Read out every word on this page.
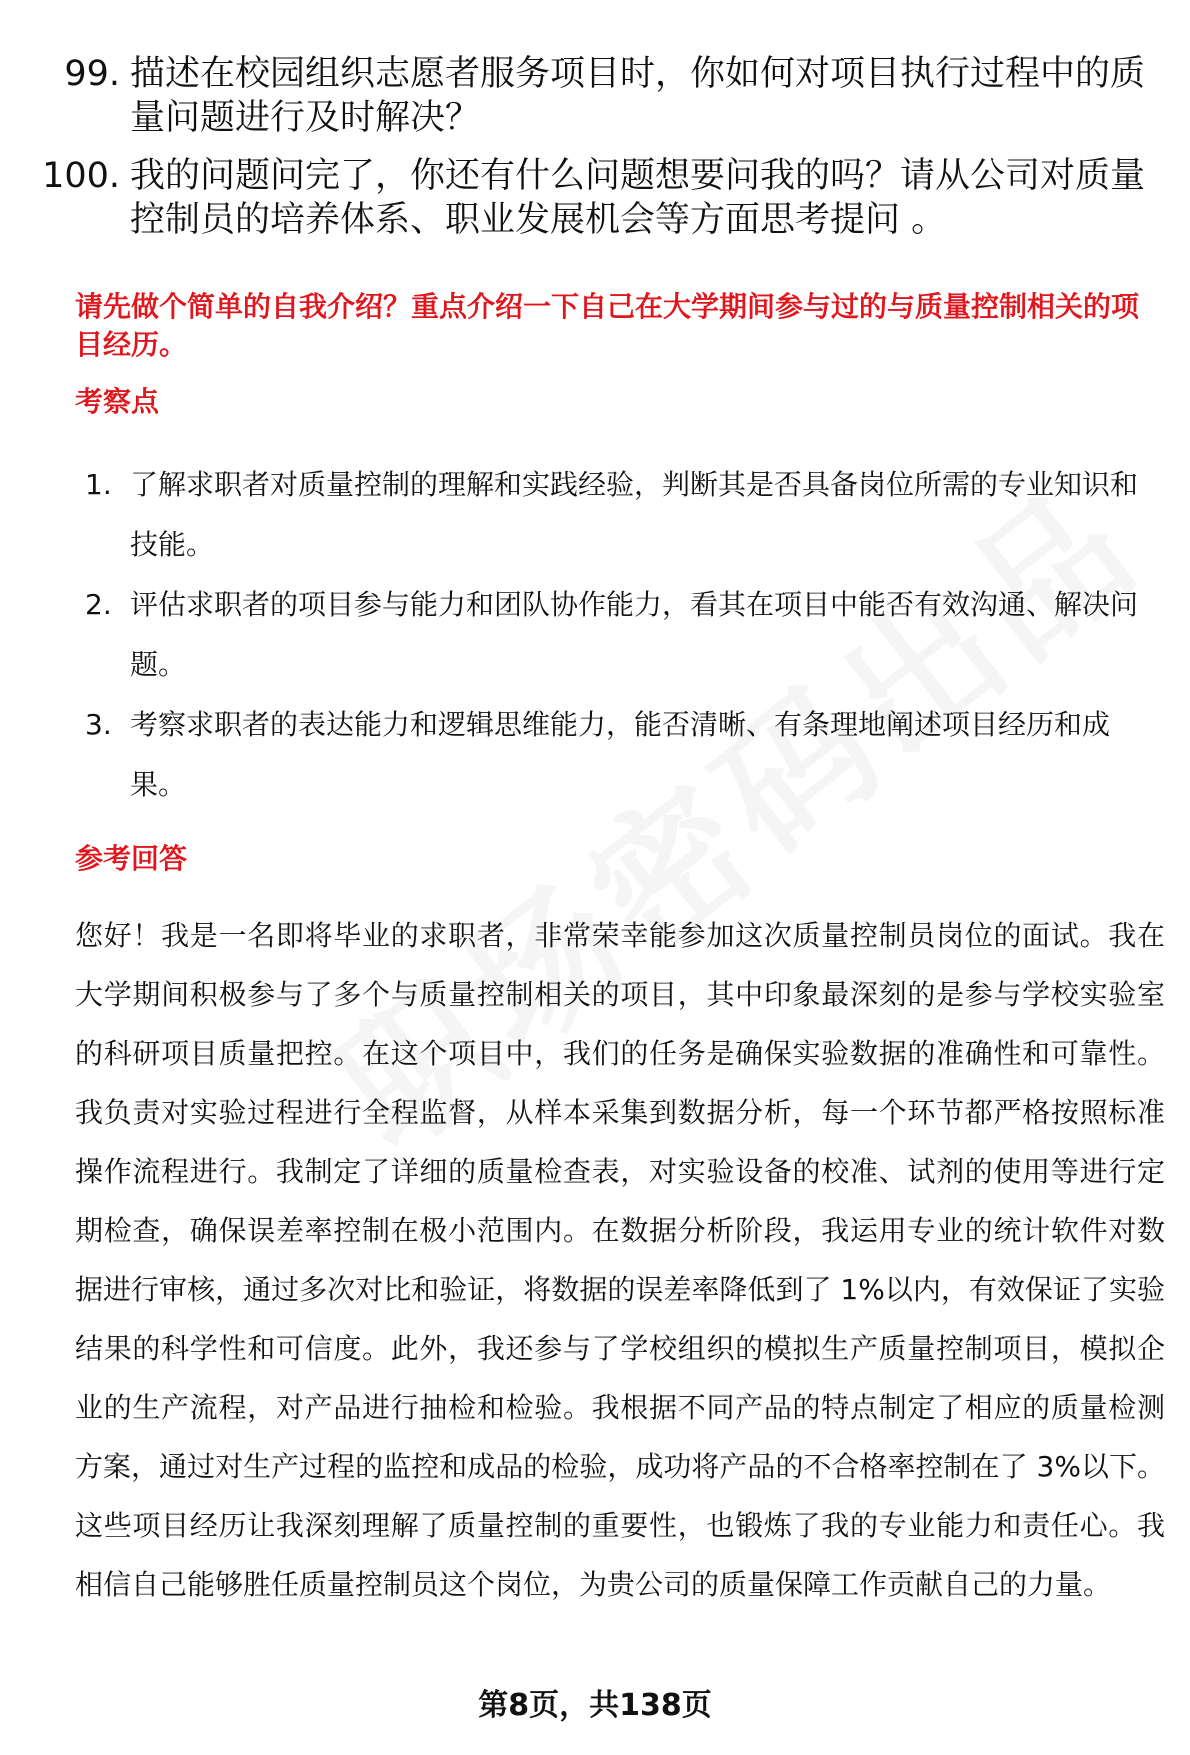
99. 描述在校园组织志愿者服务项目时，你如何对项目执行过程中的质量问题进行及时解决？
100. 我的问题问完了，你还有什么问题想要问我的吗？请从公司对质量控制员的培养体系、职业发展机会等方面思考提问 。
请先做个简单的自我介绍？重点介绍一下自己在大学期间参与过的与质量控制相关的项目经历。
考察点
1. 了解求职者对质量控制的理解和实践经验，判断其是否具备岗位所需的专业知识和技能。
2. 评估求职者的项目参与能力和团队协作能力，看其在项目中能否有效沟通、解决问题。
3. 考察求职者的表达能力和逻辑思维能力，能否清晰、有条理地阐述项目经历和成果。
参考回答
您好！我是一名即将毕业的求职者，非常荣幸能参加这次质量控制员岗位的面试。我在大学期间积极参与了多个与质量控制相关的项目，其中印象最深刻的是参与学校实验室的科研项目质量把控。在这个项目中，我们的任务是确保实验数据的准确性和可靠性。我负责对实验过程进行全程监督，从样本采集到数据分析，每一个环节都严格按照标准操作流程进行。我制定了详细的质量检查表，对实验设备的校准、试剂的使用等进行定期检查，确保误差率控制在极小范围内。在数据分析阶段，我运用专业的统计软件对数据进行审核，通过多次对比和验证，将数据的误差率降低到了 1%以内，有效保证了实验结果的科学性和可信度。此外，我还参与了学校组织的模拟生产质量控制项目，模拟企业的生产流程，对产品进行抽检和检验。我根据不同产品的特点制定了相应的质量检测方案，通过对生产过程的监控和成品的检验，成功将产品的不合格率控制在了 3%以下。这些项目经历让我深刻理解了质量控制的重要性，也锻炼了我的专业能力和责任心。我相信自己能够胜任质量控制员这个岗位，为贵公司的质量保障工作贡献自己的力量。
第8页，共138页
